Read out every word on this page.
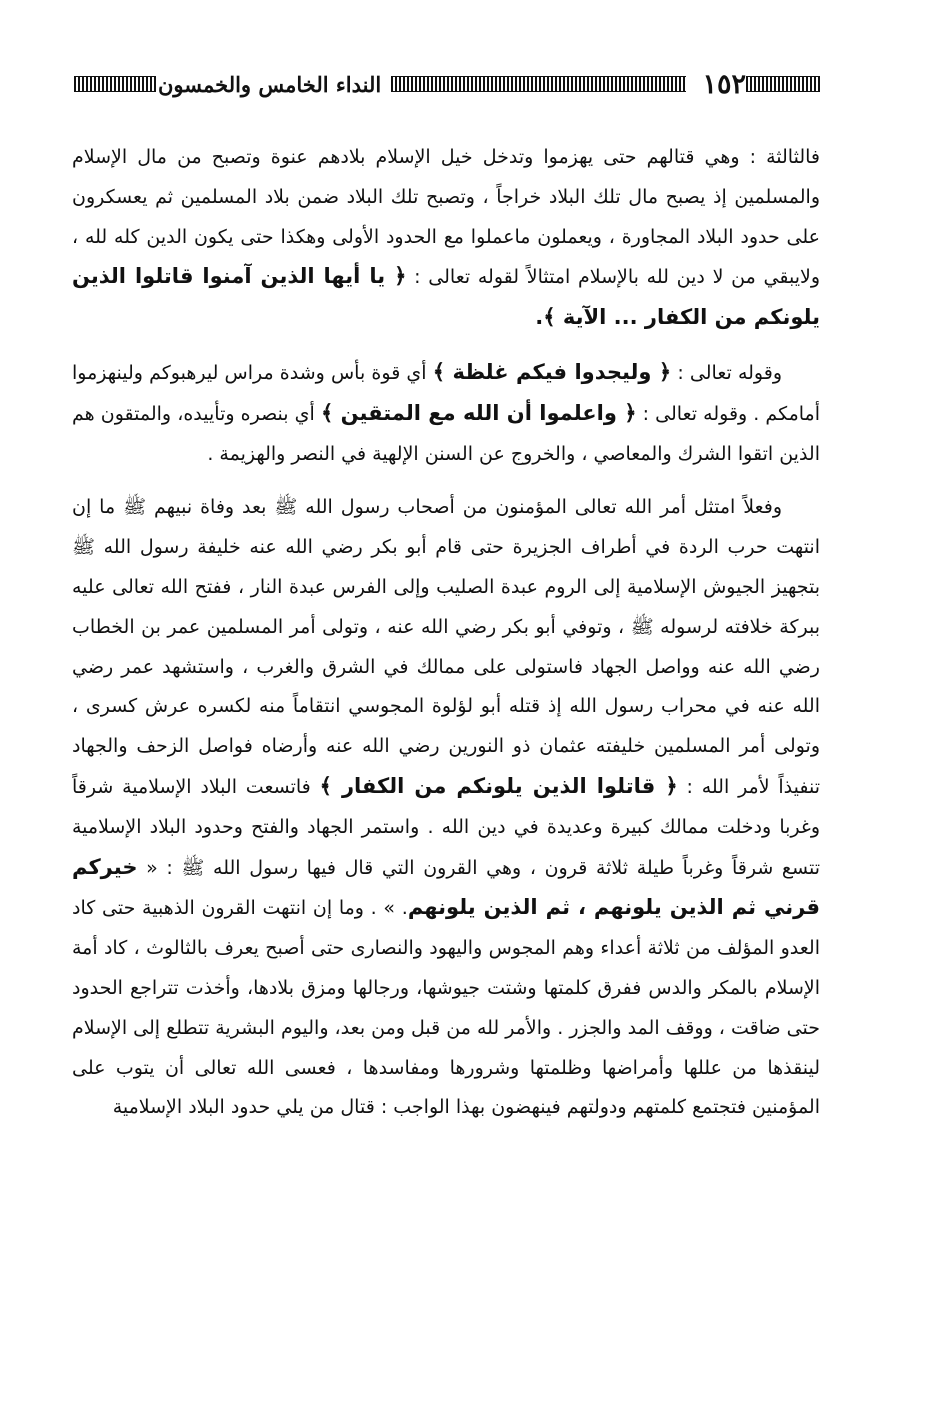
النداء الخامس والخمسون	١٥٢

فالثالثة : وهي قتالهم حتى يهزموا وتدخل خيل الإسلام بلادهم عنوة وتصبح من مال الإسلام والمسلمين إذ يصبح مال تلك البلاد خراجاً ، وتصبح تلك البلاد ضمن بلاد المسلمين ثم يعسكرون على حدود البلاد المجاورة ، ويعملون ماعملوا مع الحدود الأولى وهكذا حتى يكون الدين كله لله ، ولايبقي من لا دين لله بالإسلام امتثالاً لقوله تعالى : ﴿ يا أيها الذين آمنوا قاتلوا الذين يلونكم من الكفار ... الآية ﴾.

وقوله تعالى : ﴿ وليجدوا فيكم غلظة ﴾ أي قوة بأس وشدة مراس ليرهبوكم ولينهزموا أمامكم . وقوله تعالى : ﴿ واعلموا أن الله مع المتقين ﴾ أي بنصره وتأييده، والمتقون هم الذين اتقوا الشرك والمعاصي ، والخروج عن السنن الإلهية في النصر والهزيمة .

وفعلاً امتثل أمر الله تعالى المؤمنون من أصحاب رسول الله ﷺ بعد وفاة نبيهم ﷺ ما إن انتهت حرب الردة في أطراف الجزيرة حتى قام أبو بكر رضي الله عنه خليفة رسول الله ﷺ بتجهيز الجيوش الإسلامية إلى الروم عبدة الصليب وإلى الفرس عبدة النار ، ففتح الله تعالى عليه ببركة خلافته لرسوله ﷺ ، وتوفي أبو بكر رضي الله عنه ، وتولى أمر المسلمين عمر بن الخطاب رضي الله عنه وواصل الجهاد فاستولى على ممالك في الشرق والغرب ، واستشهد عمر رضي الله عنه في محراب رسول الله إذ قتله أبو لؤلوة المجوسي انتقاماً منه لكسره عرش كسرى ، وتولى أمر المسلمين خليفته عثمان ذو النورين رضي الله عنه وأرضاه فواصل الزحف والجهاد تنفيذاً لأمر الله : ﴿ قاتلوا الذين يلونكم من الكفار ﴾ فاتسعت البلاد الإسلامية شرقاً وغربا ودخلت ممالك كبيرة وعديدة في دين الله . واستمر الجهاد والفتح وحدود البلاد الإسلامية تتسع شرقاً وغرباً طيلة ثلاثة قرون ، وهي القرون التي قال فيها رسول الله ﷺ : « خيركم قرني ثم الذين يلونهم ، ثم الذين يلونهم. » . وما إن انتهت القرون الذهبية حتى كاد العدو المؤلف من ثلاثة أعداء وهم المجوس واليهود والنصارى حتى أصبح يعرف بالثالوث ، كاد أمة الإسلام بالمكر والدس ففرق كلمتها وشتت جيوشها، ورجالها ومزق بلادها، وأخذت تتراجع الحدود حتى ضاقت ، ووقف المد والجزر . والأمر لله من قبل ومن بعد، واليوم البشرية تتطلع إلى الإسلام لينقذها من عللها وأمراضها وظلمتها وشرورها ومفاسدها ، فعسى الله تعالى أن يتوب على المؤمنين فتجتمع كلمتهم ودولتهم فينهضون بهذا الواجب : قتال من يلي حدود البلاد الإسلامية
